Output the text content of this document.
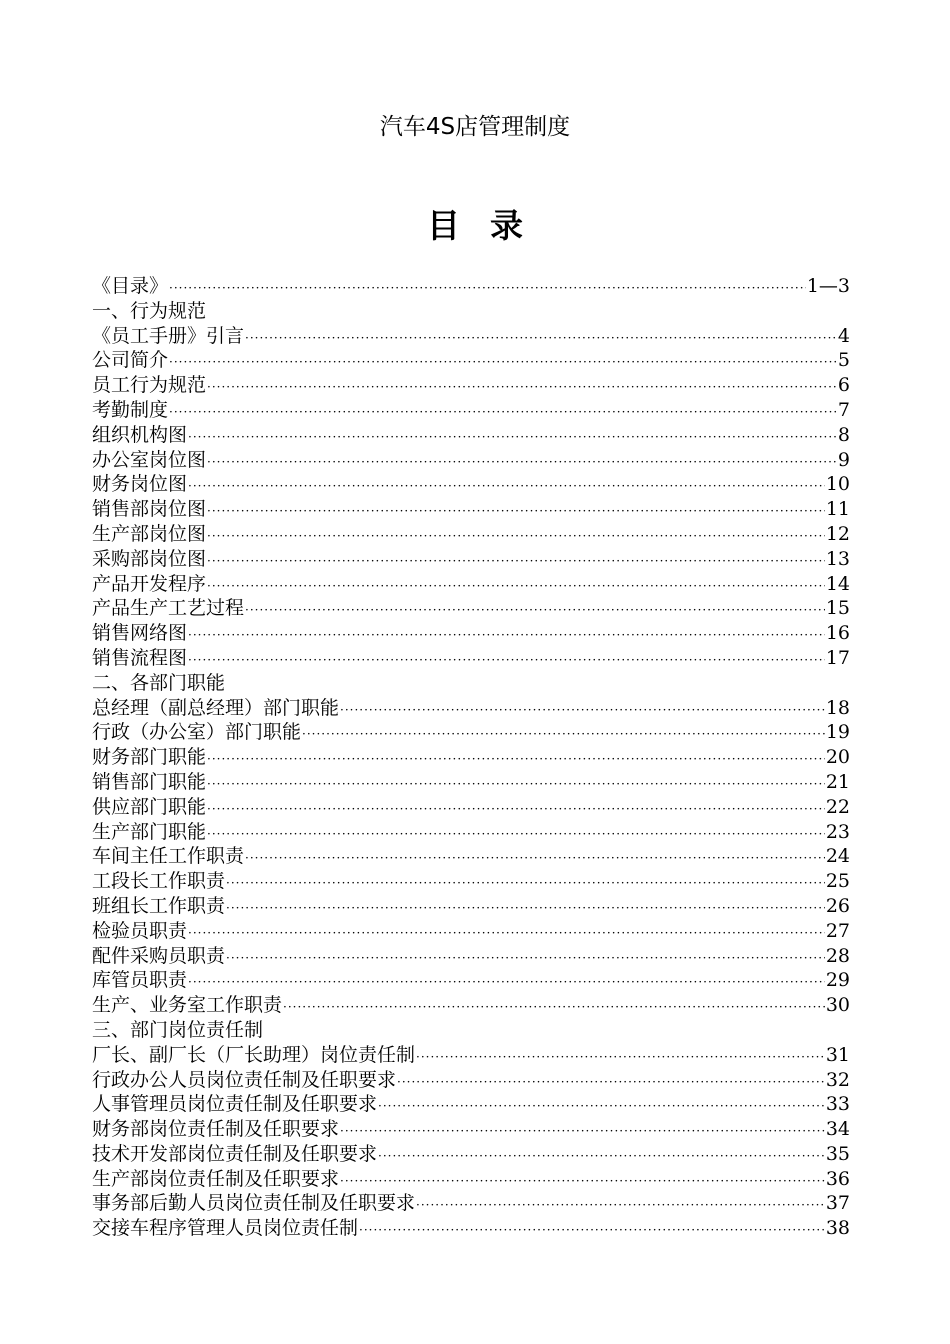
汽车4S店管理制度
目录
《目录》 ·····	1—3
一、行为规范
《员工手册》引言 ·····	4
公司简介 ·····	5
员工行为规范 ·····	6
考勤制度 ·····	7
组织机构图 ·····	8
办公室岗位图 ·····	9
财务岗位图 ·····	10
销售部岗位图 ·····	11
生产部岗位图 ·····	12
采购部岗位图 ·····	13
产品开发程序 ·····	14
产品生产工艺过程 ·····	15
销售网络图 ·····	16
销售流程图 ·····	17
二、各部门职能
总经理（副总经理）部门职能 ·····	18
行政（办公室）部门职能 ·····	19
财务部门职能 ·····	20
销售部门职能 ·····	21
供应部门职能 ·····	22
生产部门职能 ·····	23
车间主任工作职责 ·····	24
工段长工作职责 ·····	25
班组长工作职责 ·····	26
检验员职责 ·····	27
配件采购员职责 ·····	28
库管员职责 ·····	29
生产、业务室工作职责 ·····	30
三、部门岗位责任制
厂长、副厂长（厂长助理）岗位责任制 ·····	31
行政办公人员岗位责任制及任职要求 ·····	32
人事管理员岗位责任制及任职要求 ·····	33
财务部岗位责任制及任职要求 ·····	34
技术开发部岗位责任制及任职要求 ·····	35
生产部岗位责任制及任职要求 ·····	36
事务部后勤人员岗位责任制及任职要求 ·····	37
交接车程序管理人员岗位责任制 ·····	38
